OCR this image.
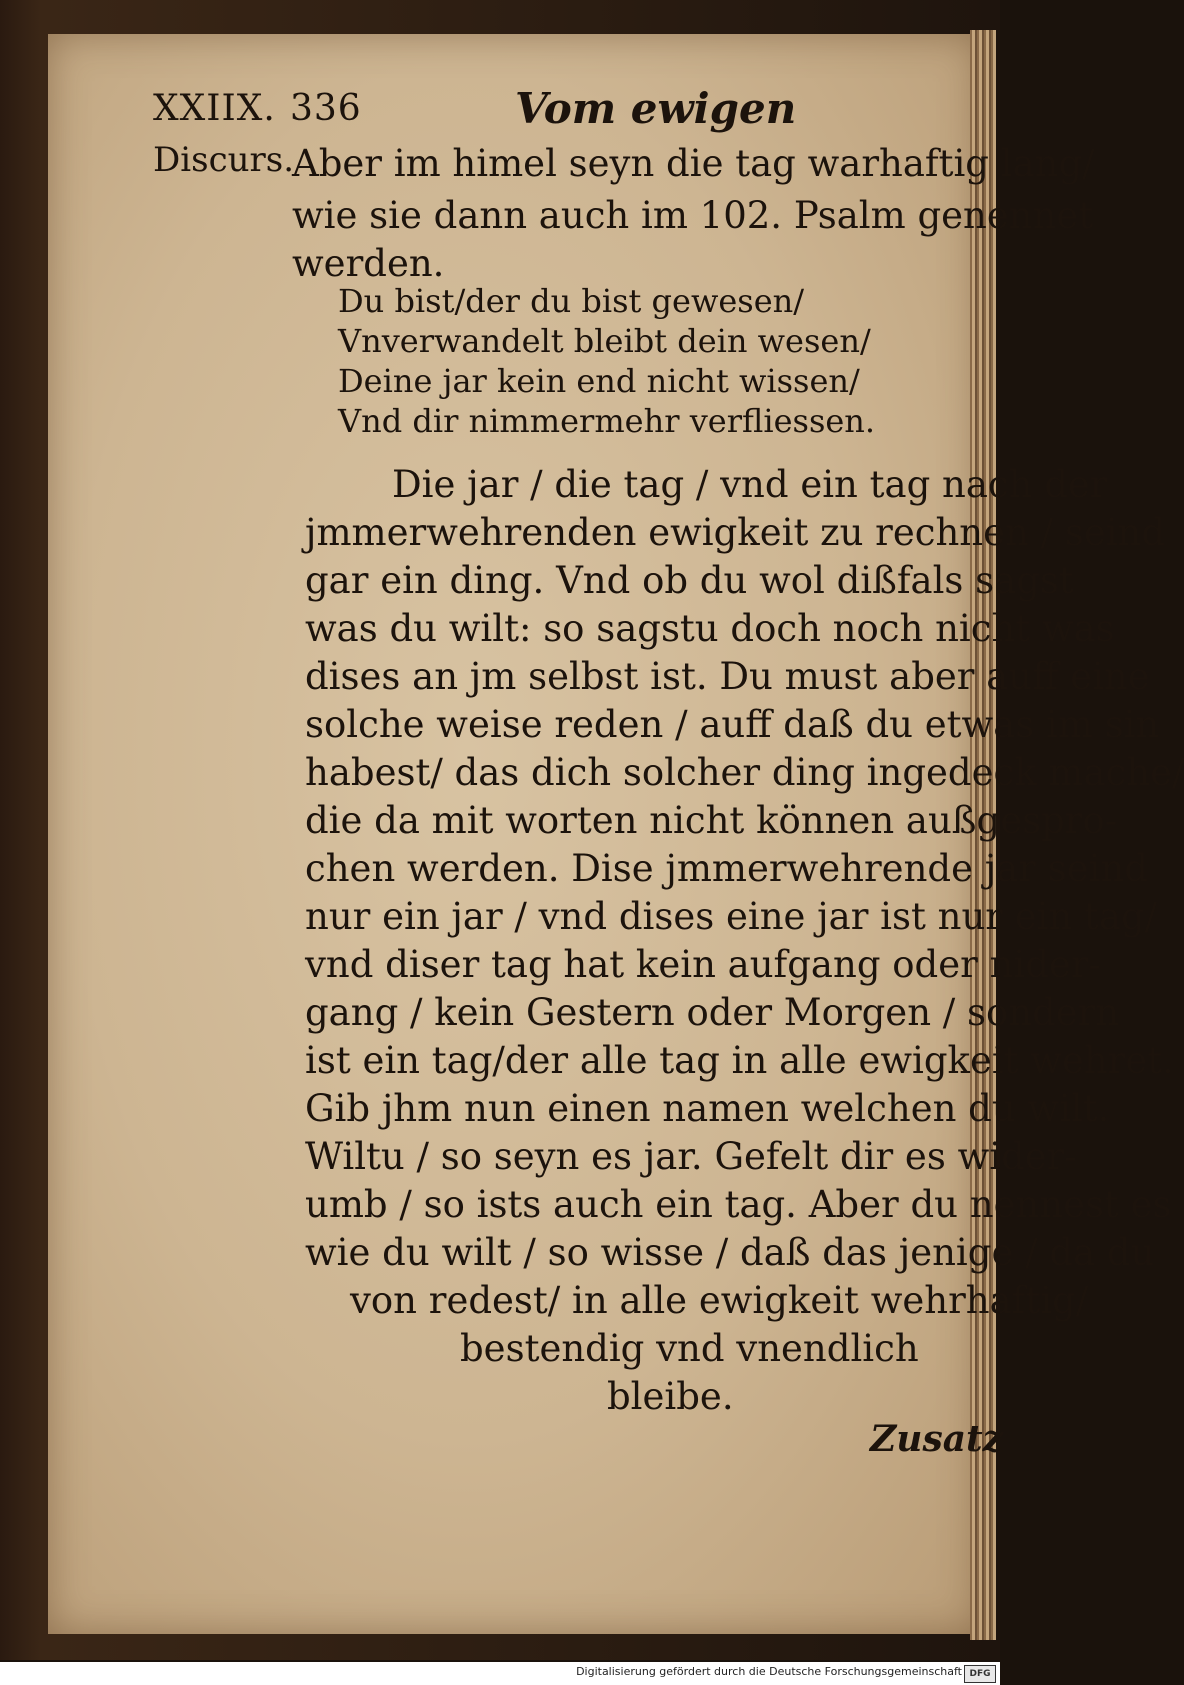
XXIIX. 336	Vom ewigen
Discurs.
Aber im himel seyn die tag warhaftig lang/
wie sie dann auch im 102. Psalm genennet
werden.
Du bist/der du bist gewesen/
Vnverwandelt bleibt dein wesen/
Deine jar kein end nicht wissen/
Vnd dir nimmermehr verfliessen.
Die jar / die tag / vnd ein tag nach der
jmmerwehrenden ewigkeit zu rechnen / seind
gar ein ding. Vnd ob du wol dißfals sagst
was du wilt: so sagstu doch noch nicht was
dises an jm selbst ist. Du must aber auff eine
solche weise reden / auff daß du etwas im sin
habest/ das dich solcher ding ingedeck mache/
die da mit worten nicht können außgespro-
chen werden. Dise jmmerwehrende jar seind
nur ein jar / vnd dises eine jar ist nur ein tag/
vnd diser tag hat kein aufgang oder nider-
gang / kein Gestern oder Morgen / sondern
ist ein tag/der alle tag in alle ewigkeit wehret.
Gib jhm nun einen namen welchen du wilt.
Wiltu / so seyn es jar. Gefelt dir es wider-
umb / so ists auch ein tag. Aber du nennest es
wie du wilt / so wisse / daß das jenige / da du
von redest/ in alle ewigkeit wehrhaftig/
bestendig vnd vnendlich
bleibe.
Zusatz
Digitalisierung gefördert durch die Deutsche Forschungsgemeinschaft DFG
